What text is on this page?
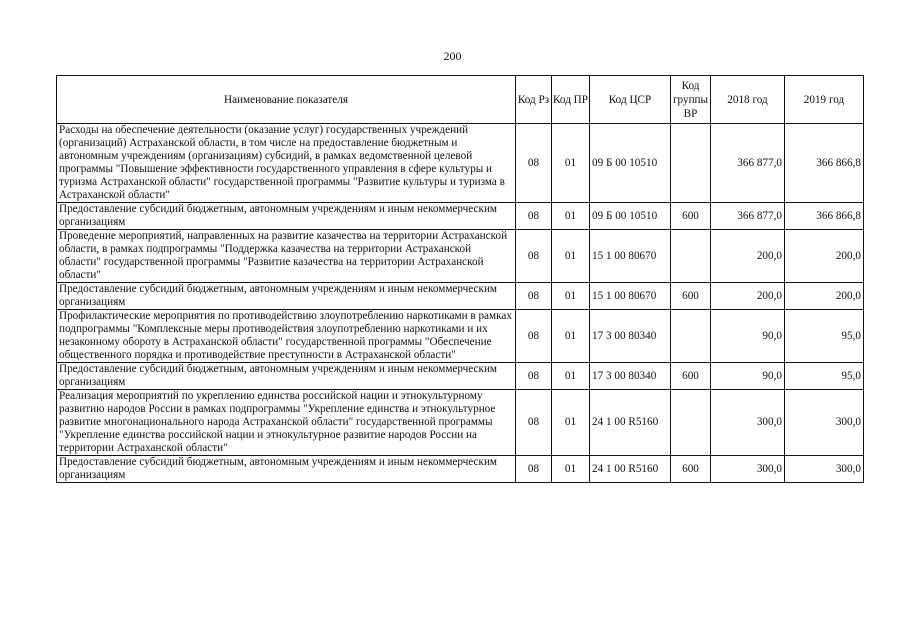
200
Наименование показателя	Код Рз	Код ПР	Код ЦСР	Код группы ВР	2018 год	2019 год
Расходы на обеспечение деятельности (оказание услуг) государственных учреждений (организаций) Астраханской области, в том числе на предоставление бюджетным и автономным учреждениям (организациям) субсидий, в рамках ведомственной целевой программы "Повышение эффективности государственного управления в сфере культуры и туризма Астраханской области" государственной программы "Развитие культуры и туризма в Астраханской области"	08	01	09 Б 00 10510		366 877,0	366 866,8
Предоставление субсидий бюджетным, автономным учреждениям и иным некоммерческим организациям	08	01	09 Б 00 10510	600	366 877,0	366 866,8
Проведение мероприятий, направленных на развитие казачества на территории Астраханской области, в рамках подпрограммы "Поддержка казачества на территории Астраханской области" государственной программы "Развитие казачества на территории Астраханской области"	08	01	15 1 00 80670		200,0	200,0
Предоставление субсидий бюджетным, автономным учреждениям и иным некоммерческим организациям	08	01	15 1 00 80670	600	200,0	200,0
Профилактические мероприятия по противодействию злоупотреблению наркотиками в рамках подпрограммы "Комплексные меры противодействия злоупотреблению наркотиками и их незаконному обороту в Астраханской области" государственной программы "Обеспечение общественного порядка и противодействие преступности в Астраханской области"	08	01	17 3 00 80340		90,0	95,0
Предоставление субсидий бюджетным, автономным учреждениям и иным некоммерческим организациям	08	01	17 3 00 80340	600	90,0	95,0
Реализация мероприятий по укреплению единства российской нации и этнокультурному развитию народов России в рамках подпрограммы "Укрепление единства и этнокультурное развитие многонационального народа Астраханской области" государственной программы "Укрепление единства российской нации и этнокультурное развитие народов России на территории Астраханской области"	08	01	24 1 00 R5160		300,0	300,0
Предоставление субсидий бюджетным, автономным учреждениям и иным некоммерческим организациям	08	01	24 1 00 R5160	600	300,0	300,0
